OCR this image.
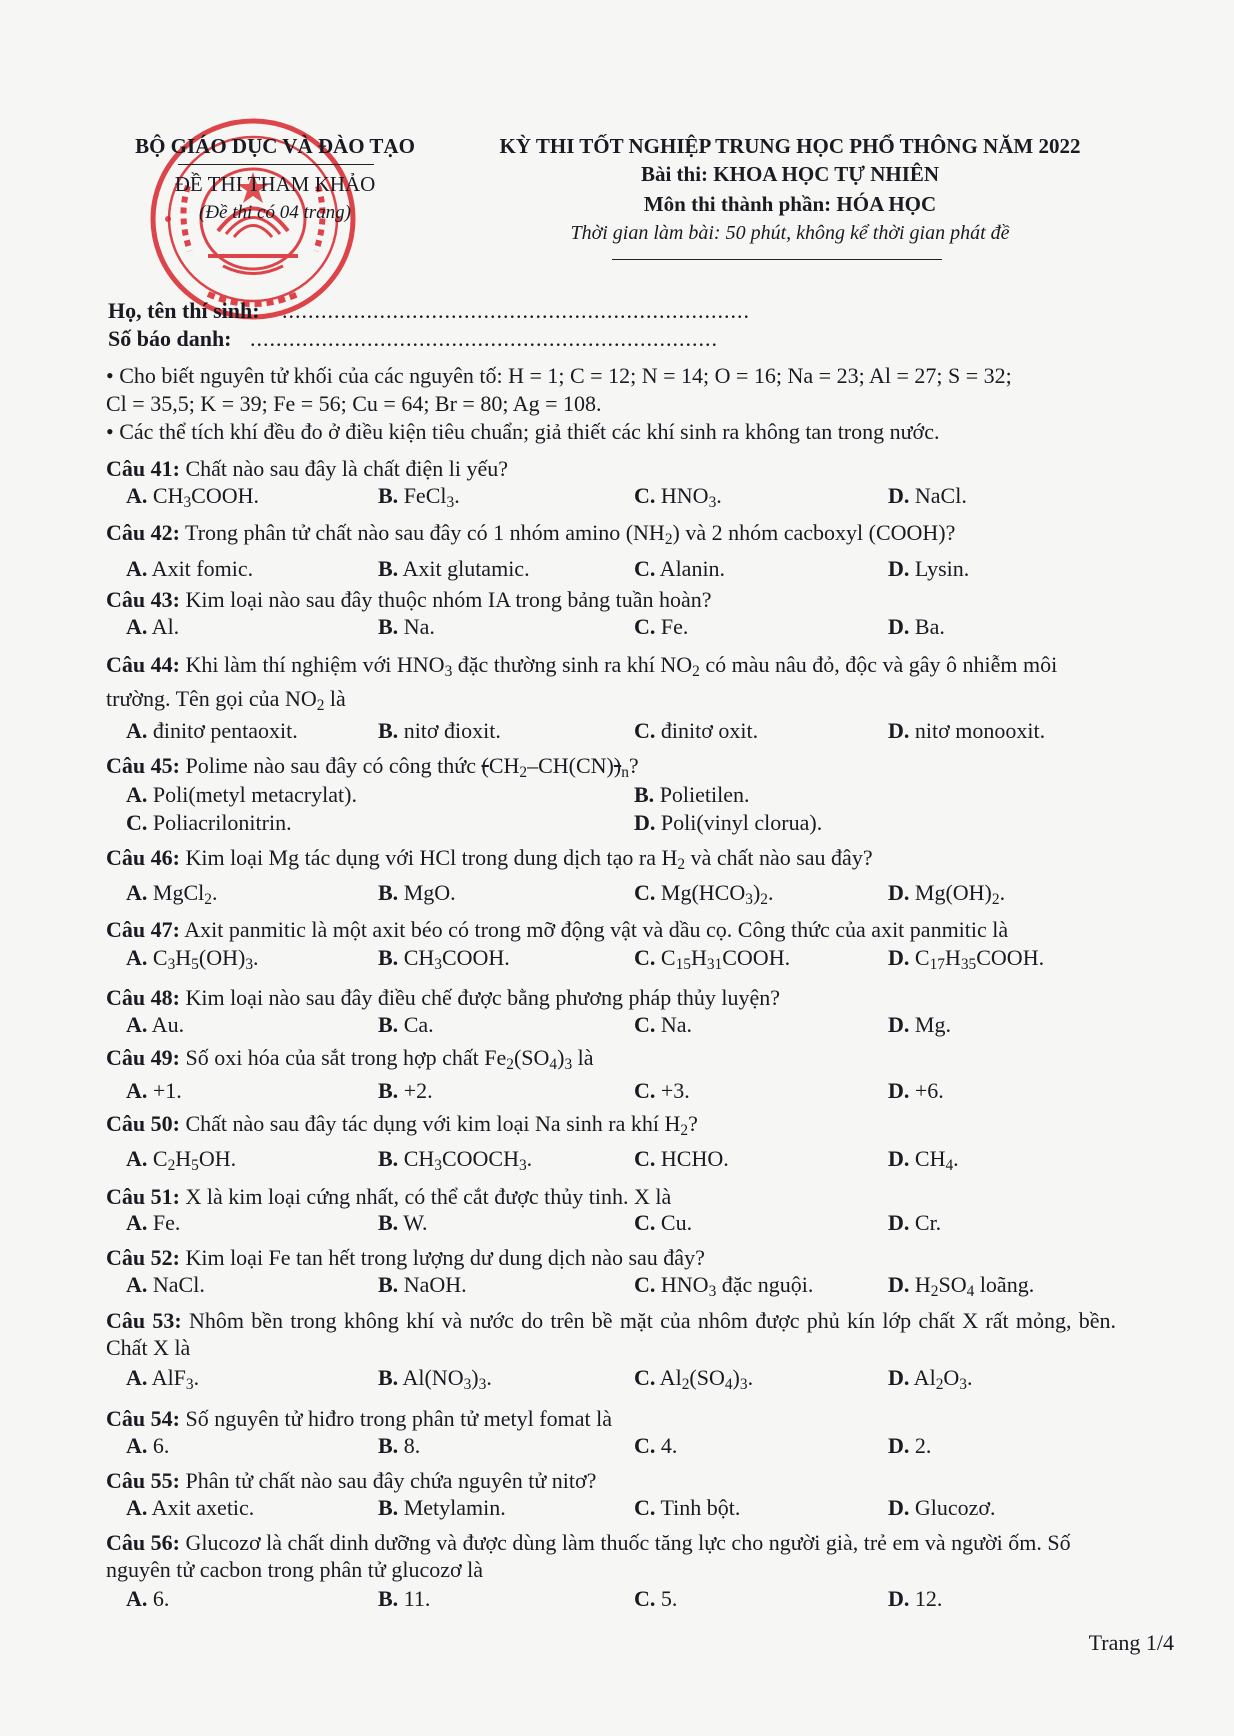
BỘ GIÁO DỤC VÀ ĐÀO TẠO
ĐỀ THI THAM KHẢO
(Đề thi có 04 trang)
KỲ THI TỐT NGHIỆP TRUNG HỌC PHỔ THÔNG NĂM 2022
Bài thi: KHOA HỌC TỰ NHIÊN
Môn thi thành phần: HÓA HỌC
Thời gian làm bài: 50 phút, không kể thời gian phát đề
Họ, tên thí sinh: ........................................................................
Số báo danh: ........................................................................
• Cho biết nguyên tử khối của các nguyên tố: H = 1; C = 12; N = 14; O = 16; Na = 23; Al = 27; S = 32;
Cl = 35,5; K = 39; Fe = 56; Cu = 64; Br = 80; Ag = 108.
• Các thể tích khí đều đo ở điều kiện tiêu chuẩn; giả thiết các khí sinh ra không tan trong nước.
Câu 41: Chất nào sau đây là chất điện li yếu?
A. $CH_3COOH$.	B. FeCl$_3$.	C. $HNO_3$.	D. NaCl.
Câu 42: Trong phân tử chất nào sau đây có 1 nhóm amino $(NH_2)$ và 2 nhóm cacboxyl (COOH)?
A. Axit fomic.	B. Axit glutamic.	C. Alanin.	D. Lysin.
Câu 43: Kim loại nào sau đây thuộc nhóm IA trong bảng tuần hoàn?
A. Al.	B. Na.	C. Fe.	D. Ba.
Câu 44: Khi làm thí nghiệm với $HNO_3$ đặc thường sinh ra khí $NO_2$ có màu nâu đỏ, độc và gây ô nhiễm môi trường. Tên gọi của $NO_2$ là
A. đinitơ pentaoxit.	B. nitơ đioxit.	C. đinitơ oxit.	D. nitơ monooxit.
Câu 45: Polime nào sau đây có công thức $(CH_2-CH(CN))_n$?
A. Poli(metyl metacrylat).	B. Polietilen.
C. Poliacrilonitrin.	D. Poli(vinyl clorua).
Câu 46: Kim loại Mg tác dụng với HCl trong dung dịch tạo ra $H_2$ và chất nào sau đây?
A. MgCl$_2$.	B. MgO.	C. $Mg(HCO_3)_2$.	D. $Mg(OH)_2$.
Câu 47: Axit panmitic là một axit béo có trong mỡ động vật và dầu cọ. Công thức của axit panmitic là
A. $C_3H_5(OH)_3$.	B. $CH_3COOH$.	C. $C_{15}H_{31}COOH$.	D. $C_{17}H_{35}COOH$.
Câu 48: Kim loại nào sau đây điều chế được bằng phương pháp thủy luyện?
A. Au.	B. Ca.	C. Na.	D. Mg.
Câu 49: Số oxi hóa của sắt trong hợp chất $Fe_2(SO_4)_3$ là
A. +1.	B. +2.	C. +3.	D. +6.
Câu 50: Chất nào sau đây tác dụng với kim loại Na sinh ra khí $H_2$?
A. $C_2H_5OH$.	B. $CH_3COOCH_3$.	C. HCHO.	D. $CH_4$.
Câu 51: X là kim loại cứng nhất, có thể cắt được thủy tinh. X là
A. Fe.	B. W.	C. Cu.	D. Cr.
Câu 52: Kim loại Fe tan hết trong lượng dư dung dịch nào sau đây?
A. NaCl.	B. NaOH.	C. $HNO_3$ đặc nguội.	D. $H_2SO_4$ loãng.
Câu 53: Nhôm bền trong không khí và nước do trên bề mặt của nhôm được phủ kín lớp chất X rất mỏng, bền. Chất X là
A. AlF$_3$.	B. $Al(NO_3)_3$.	C. $Al_2(SO_4)_3$.	D. $Al_2O_3$.
Câu 54: Số nguyên tử hiđro trong phân tử metyl fomat là
A. 6.	B. 8.	C. 4.	D. 2.
Câu 55: Phân tử chất nào sau đây chứa nguyên tử nitơ?
A. Axit axetic.	B. Metylamin.	C. Tinh bột.	D. Glucozơ.
Câu 56: Glucozơ là chất dinh dưỡng và được dùng làm thuốc tăng lực cho người già, trẻ em và người ốm. Số nguyên tử cacbon trong phân tử glucozơ là
A. 6.	B. 11.	C. 5.	D. 12.
Trang 1/4
